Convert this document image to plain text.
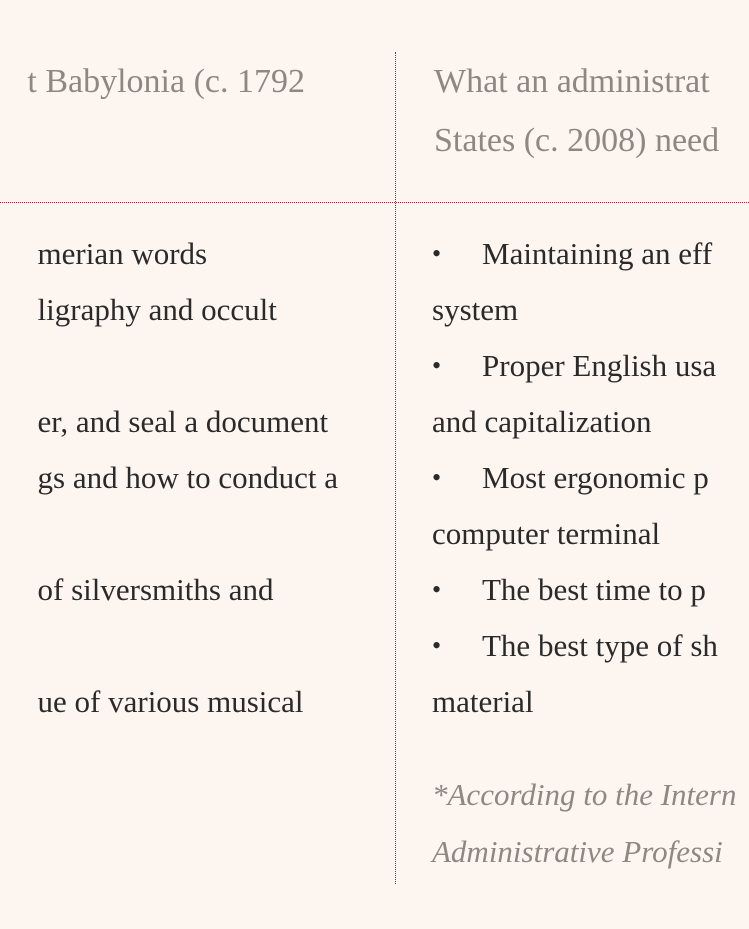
t Babylonia (c. 1792	What an administrat
States (c. 2008) need
merian words
ligraphy and occult
er, and seal a document
gs and how to conduct a
of silversmiths and
ue of various musical
• Maintaining an eff
system
• Proper English usa
and capitalization
• Most ergonomic p
computer terminal
• The best time to p
• The best type of sh
material
*According to the Intern
Administrative Professi
